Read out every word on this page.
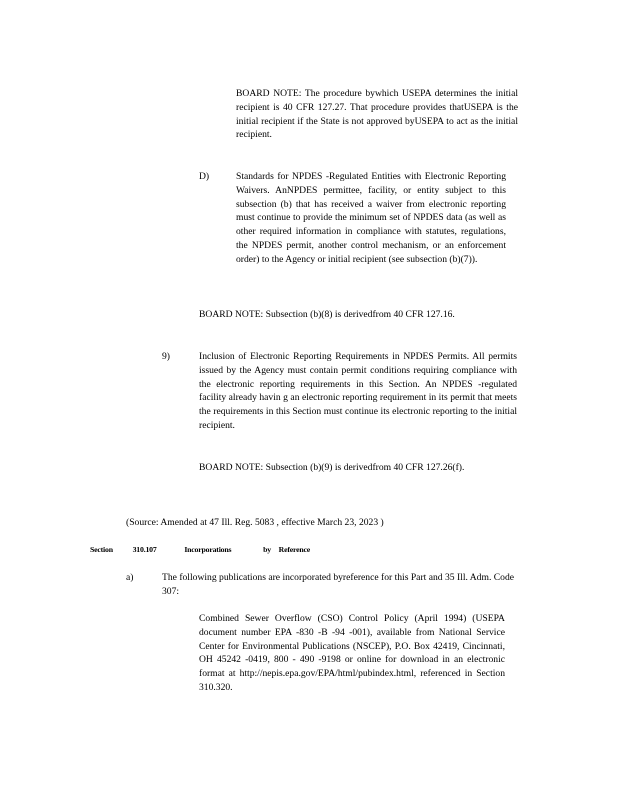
BOARD NOTE: The procedure bywhich USEPA determines the initial recipient is 40 CFR 127.27. That procedure provides thatUSEPA is the initial recipient if the State is not approved byUSEPA to act as the initial recipient.

D)	Standards for NPDES -Regulated Entities with Electronic Reporting Waivers. AnNPDES permittee, facility, or entity subject to this subsection (b) that has received a waiver from electronic reporting must continue to provide the minimum set of NPDES data (as well as other required information in compliance with statutes, regulations, the NPDES permit, another control mechanism, or an enforcement order) to the Agency or initial recipient (see subsection (b)(7)).

BOARD NOTE: Subsection (b)(8) is derivedfrom 40 CFR 127.16.

9)	Inclusion of Electronic Reporting Requirements in NPDES Permits. All permits issued by the Agency must contain permit conditions requiring compliance with the electronic reporting requirements in this Section. An NPDES -regulated facility already havin g an electronic reporting requirement in its permit that meets the requirements in this Section must continue its electronic reporting to the initial recipient.

BOARD NOTE: Subsection (b)(9) is derivedfrom 40 CFR 127.26(f).

(Source: Amended at 47 Ill. Reg. 5083 , effective March 23, 2023 )
Section	310.107	Incorporations	by Reference
a)	The following publications are incorporated byreference for this Part and 35 Ill. Adm. Code 307:

Combined Sewer Overflow (CSO) Control Policy (April 1994) (USEPA document number EPA -830 -B -94 -001), available from National Service Center for Environmental Publications (NSCEP), P.O. Box 42419, Cincinnati, OH 45242 -0419, 800 - 490 -9198 or online for download in an electronic format at http://nepis.epa.gov/EPA/html/pubindex.html, referenced in Section 310.320.
